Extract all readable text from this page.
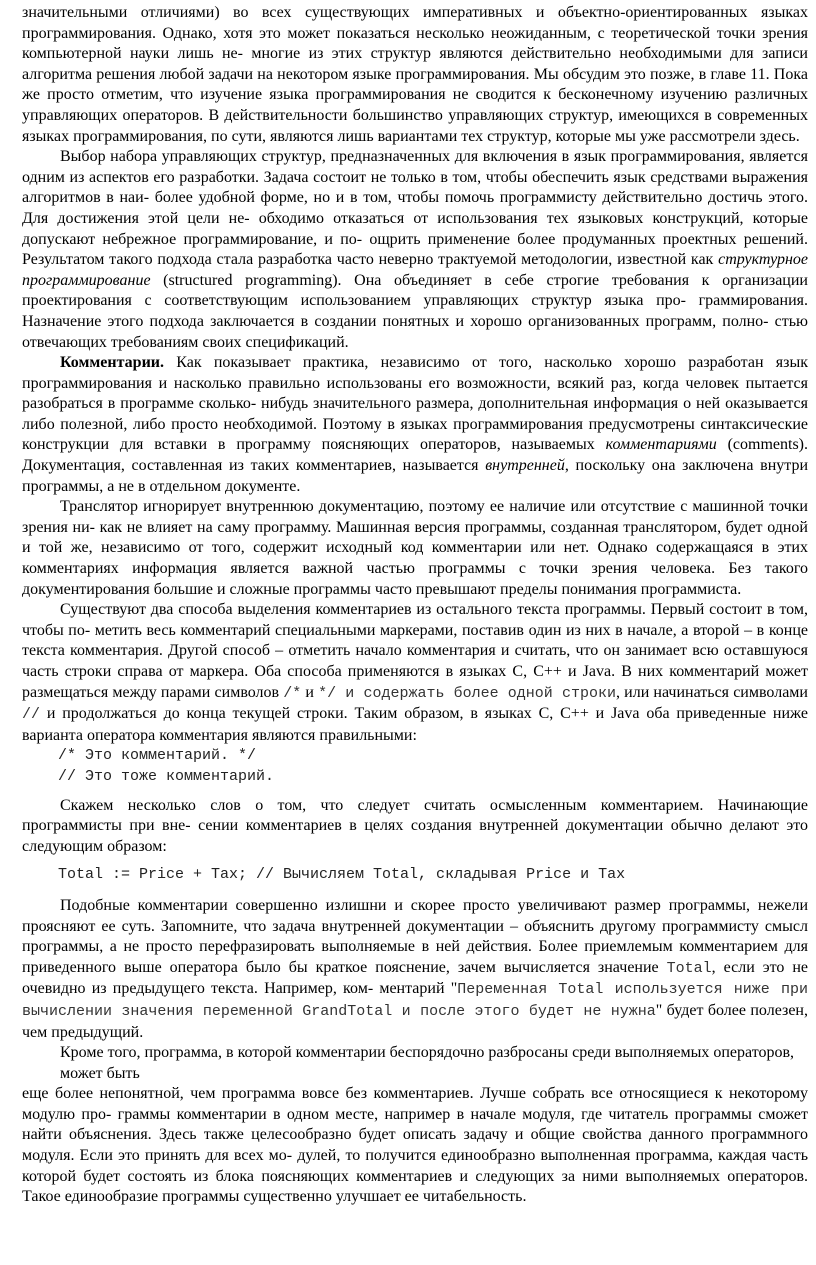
значительными отличиями) во всех существующих императивных и объектно-ориентированных языках программирования. Однако, хотя это может показаться несколько неожиданным, с теоретической точки зрения компьютерной науки лишь не- многие из этих структур являются действительно необходимыми для записи алгоритма решения любой задачи на некотором языке программирования. Мы обсудим это позже, в главе 11. Пока же просто отметим, что изучение языка программирования не сводится к бесконечному изучению различных управляющих операторов. В действительности большинство управляющих структур, имеющихся в современных языках программирования, по сути, являются лишь вариантами тех структур, которые мы уже рассмотрели здесь.

Выбор набора управляющих структур, предназначенных для включения в язык программирования, является одним из аспектов его разработки. Задача состоит не только в том, чтобы обеспечить язык средствами выражения алгоритмов в наи- более удобной форме, но и в том, чтобы помочь программисту действительно достичь этого. Для достижения этой цели не- обходимо отказаться от использования тех языковых конструкций, которые допускают небрежное программирование, и по- ощрить применение более продуманных проектных решений. Результатом такого подхода стала разработка часто неверно трактуемой методологии, известной как структурное программирование (structured programming). Она объединяет в себе строгие требования к организации проектирования с соответствующим использованием управляющих структур языка про- граммирования. Назначение этого подхода заключается в создании понятных и хорошо организованных программ, полно- стью отвечающих требованиям своих спецификаций.

Комментарии. Как показывает практика, независимо от того, насколько хорошо разработан язык программирования и насколько правильно использованы его возможности, всякий раз, когда человек пытается разобраться в программе сколько- нибудь значительного размера, дополнительная информация о ней оказывается либо полезной, либо просто необходимой. Поэтому в языках программирования предусмотрены синтаксические конструкции для вставки в программу поясняющих операторов, называемых комментариями (comments). Документация, составленная из таких комментариев, называется внутренней, поскольку она заключена внутри программы, а не в отдельном документе.

Транслятор игнорирует внутреннюю документацию, поэтому ее наличие или отсутствие с машинной точки зрения ни- как не влияет на саму программу. Машинная версия программы, созданная транслятором, будет одной и той же, независимо от того, содержит исходный код комментарии или нет. Однако содержащаяся в этих комментариях информация является важной частью программы с точки зрения человека. Без такого документирования большие и сложные программы часто превышают пределы понимания программиста.

Существуют два способа выделения комментариев из остального текста программы. Первый состоит в том, чтобы по- метить весь комментарий специальными маркерами, поставив один из них в начале, а второй – в конце текста комментария. Другой способ – отметить начало комментария и считать, что он занимает всю оставшуюся часть строки справа от маркера. Оба способа применяются в языках С, С++ и Java. В них комментарий может размещаться между парами символов /* и */ и содержать более одной строки, или начинаться символами // и продолжаться до конца текущей строки. Таким образом, в языках С, С++ и Java оба приведенные ниже варианта оператора комментария являются правильными:

/* Это комментарий. */
// Это тоже комментарий.

Скажем несколько слов о том, что следует считать осмысленным комментарием. Начинающие программисты при вне- сении комментариев в целях создания внутренней документации обычно делают это следующим образом:

Total := Price + Tax; // Вычисляем Total, складывая Price и Tax

Подобные комментарии совершенно излишни и скорее просто увеличивают размер программы, нежели проясняют ее суть. Запомните, что задача внутренней документации – объяснить другому программисту смысл программы, а не просто перефразировать выполняемые в ней действия. Более приемлемым комментарием для приведенного выше оператора было бы краткое пояснение, зачем вычисляется значение Total, если это не очевидно из предыдущего текста. Например, ком- ментарий "Переменная Total используется ниже при вычислении значения переменной GrandTotal и после этого будет не нужна" будет более полезен, чем предыдущий.

Кроме того, программа, в которой комментарии беспорядочно разбросаны среди выполняемых операторов, может быть

еще более непонятной, чем программа вовсе без комментариев. Лучше собрать все относящиеся к некоторому модулю про- граммы комментарии в одном месте, например в начале модуля, где читатель программы сможет найти объяснения. Здесь также целесообразно будет описать задачу и общие свойства данного программного модуля. Если это принять для всех мо- дулей, то получится единообразно выполненная программа, каждая часть которой будет состоять из блока поясняющих комментариев и следующих за ними выполняемых операторов. Такое единообразие программы существенно улучшает ее читабельность.
